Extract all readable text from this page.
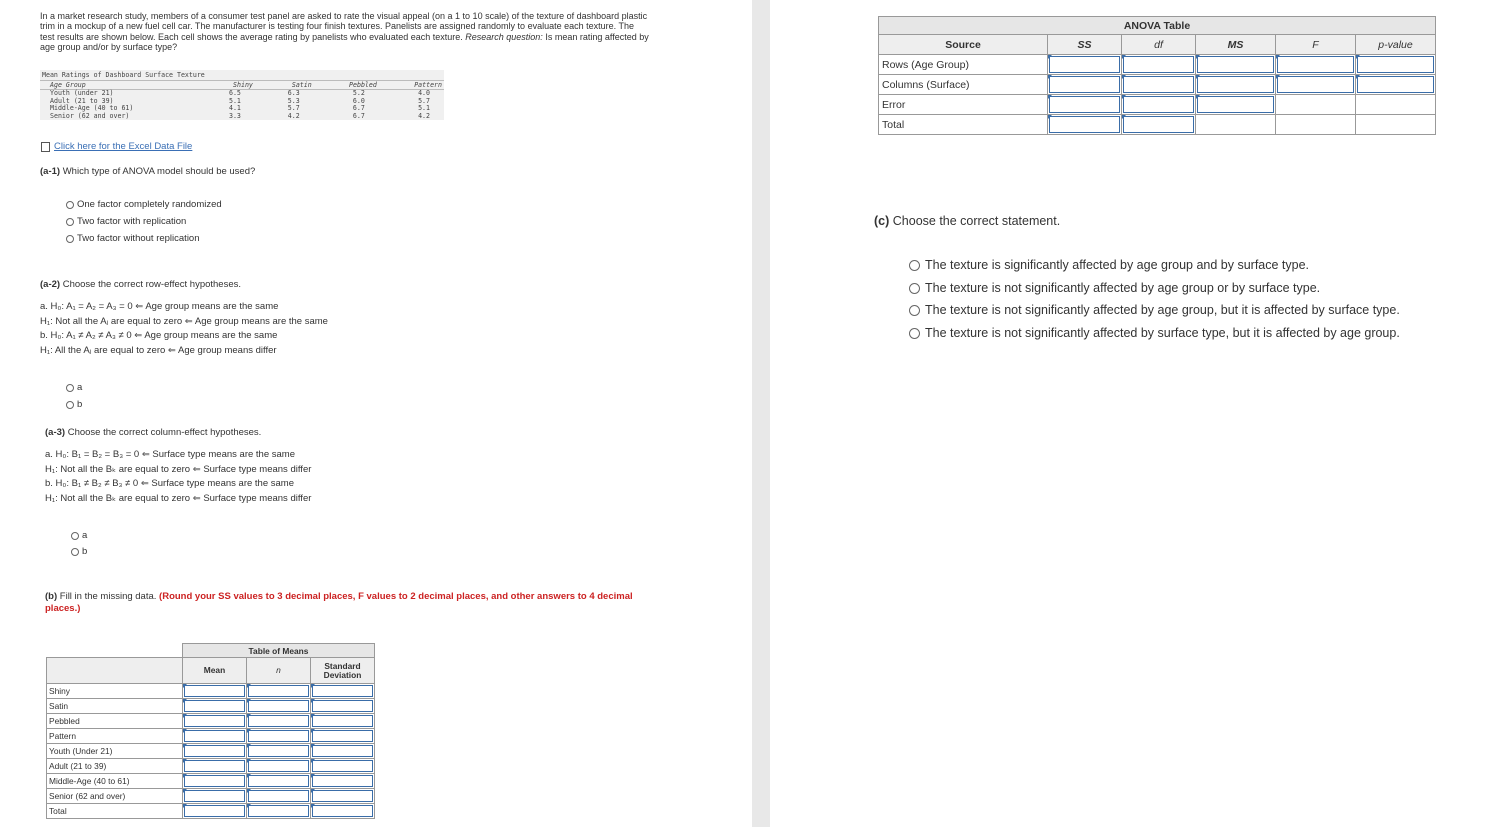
In a market research study, members of a consumer test panel are asked to rate the visual appeal (on a 1 to 10 scale) of the texture of dashboard plastic trim in a mockup of a new fuel cell car. The manufacturer is testing four finish textures. Panelists are assigned randomly to evaluate each texture. The test results are shown below. Each cell shows the average rating by panelists who evaluated each texture. Research question: Is mean rating affected by age group and/or by surface type?
Mean Ratings of Dashboard Surface Texture
Age Group	Shiny	Satin	Pebbled	Pattern
Youth (under 21)	6.5	6.3	5.2	4.0
Adult (21 to 39)	5.1	5.3	6.0	5.7
Middle-Age (40 to 61)	4.1	5.7	6.7	5.1
Senior (62 and over)	3.3	4.2	6.7	4.2
Click here for the Excel Data File
(a-1) Which type of ANOVA model should be used?
One factor completely randomized
Two factor with replication
Two factor without replication
(a-2) Choose the correct row-effect hypotheses.
a. H₀: A₁ = A₂ = A₃ = 0 ⇐ Age group means are the same
H₁: Not all the Aⱼ are equal to zero ⇐ Age group means are the same
b. H₀: A₁ ≠ A₂ ≠ A₃ ≠ 0 ⇐ Age group means are the same
H₁: All the Aⱼ are equal to zero ⇐ Age group means differ
a
b
(a-3) Choose the correct column-effect hypotheses.
a. H₀: B₁ = B₂ = B₃ = 0 ⇐ Surface type means are the same
H₁: Not all the Bₖ are equal to zero ⇐ Surface type means differ
b. H₀: B₁ ≠ B₂ ≠ B₃ ≠ 0 ⇐ Surface type means are the same
H₁: Not all the Bₖ are equal to zero ⇐ Surface type means differ
a
b
(b) Fill in the missing data. (Round your SS values to 3 decimal places, F values to 2 decimal places, and other answers to 4 decimal places.)
	Table of Means		
	Mean	n	Standard Deviation
Shiny	

Satin	

Pebbled	

Pattern	

Youth (Under 21)	

Adult (21 to 39)	

Middle-Age (40 to 61)	

Senior (62 and over)	

Total	

ANOVA Table					
Source	SS	df	MS	F	p-value
Rows (Age Group)	

Columns (Surface)	

Error	

Total	

(c) Choose the correct statement.
The texture is significantly affected by age group and by surface type.
The texture is not significantly affected by age group or by surface type.
The texture is not significantly affected by age group, but it is affected by surface type.
The texture is not significantly affected by surface type, but it is affected by age group.
